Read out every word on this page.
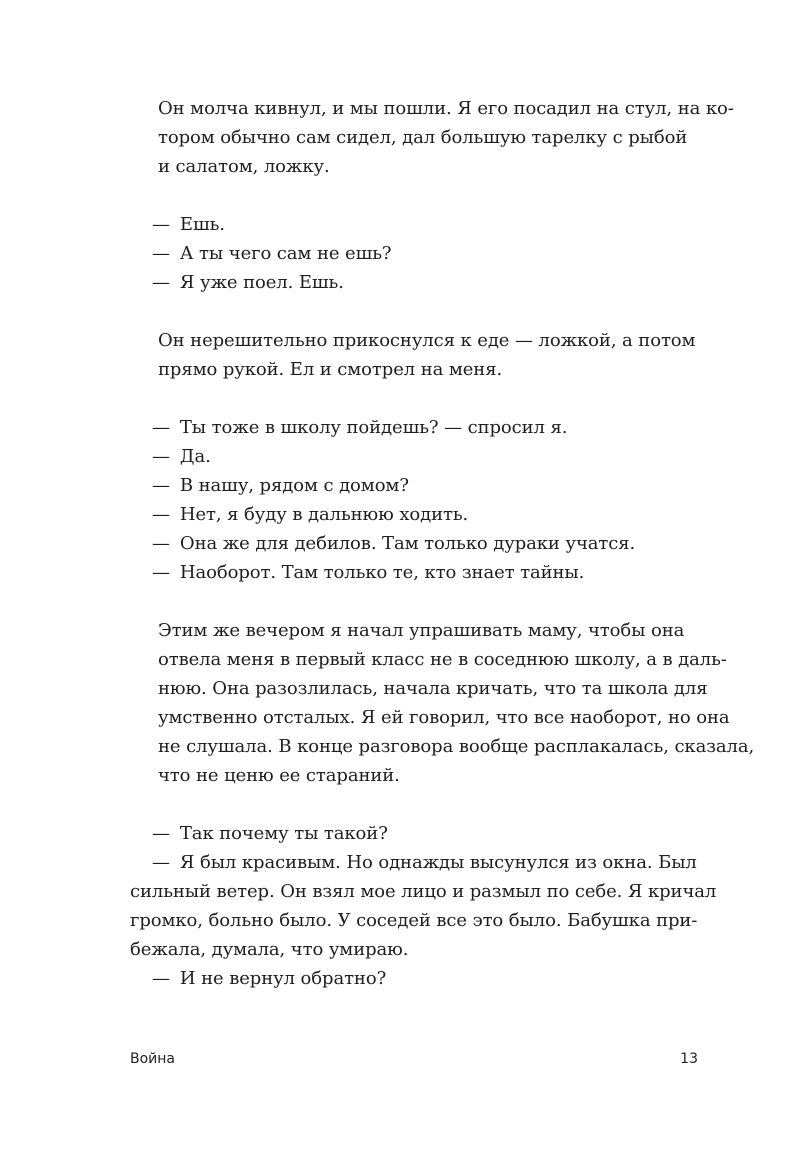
Он молча кивнул, и мы пошли. Я его посадил на стул, на ко-
тором обычно сам сидел, дал большую тарелку с рыбой
и салатом, ложку.
— Ешь.
— А ты чего сам не ешь?
— Я уже поел. Ешь.
Он нерешительно прикоснулся к еде — ложкой, а потом
прямо рукой. Ел и смотрел на меня.
— Ты тоже в школу пойдешь? — спросил я.
— Да.
— В нашу, рядом с домом?
— Нет, я буду в дальнюю ходить.
— Она же для дебилов. Там только дураки учатся.
— Наоборот. Там только те, кто знает тайны.
Этим же вечером я начал упрашивать маму, чтобы она
отвела меня в первый класс не в соседнюю школу, а в даль-
нюю. Она разозлилась, начала кричать, что та школа для
умственно отсталых. Я ей говорил, что все наоборот, но она
не слушала. В конце разговора вообще расплакалась, сказала,
что не ценю ее стараний.
— Так почему ты такой?
— Я был красивым. Но однажды высунулся из окна. Был
сильный ветер. Он взял мое лицо и размыл по себе. Я кричал
громко, больно было. У соседей все это было. Бабушка при-
бежала, думала, что умираю.
— И не вернул обратно?
Война	13
